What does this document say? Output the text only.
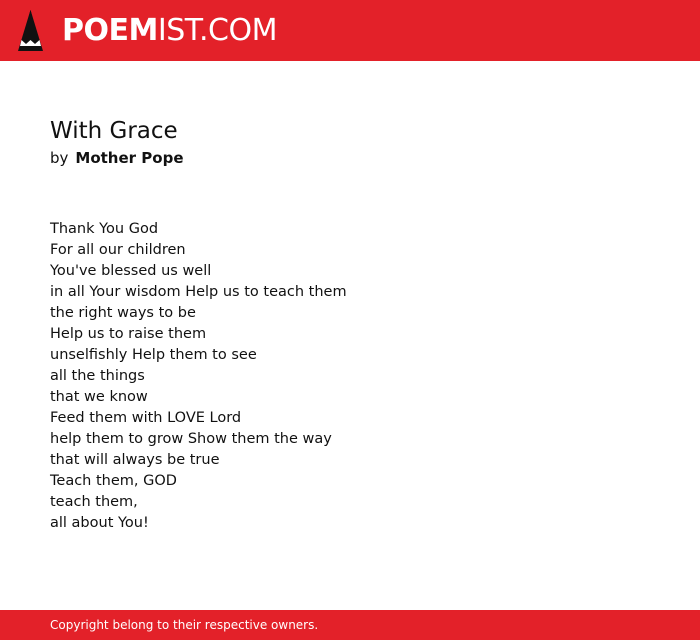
POEMIST.COM
With Grace
by Mother Pope
Thank You God
For all our children
You've blessed us well
in all Your wisdom Help us to teach them
the right ways to be
Help us to raise them
unselfishly Help them to see
all the things
that we know
Feed them with LOVE Lord
help them to grow Show them the way
that will always be true
Teach them, GOD
teach them,
all about You!
Copyright belong to their respective owners.
